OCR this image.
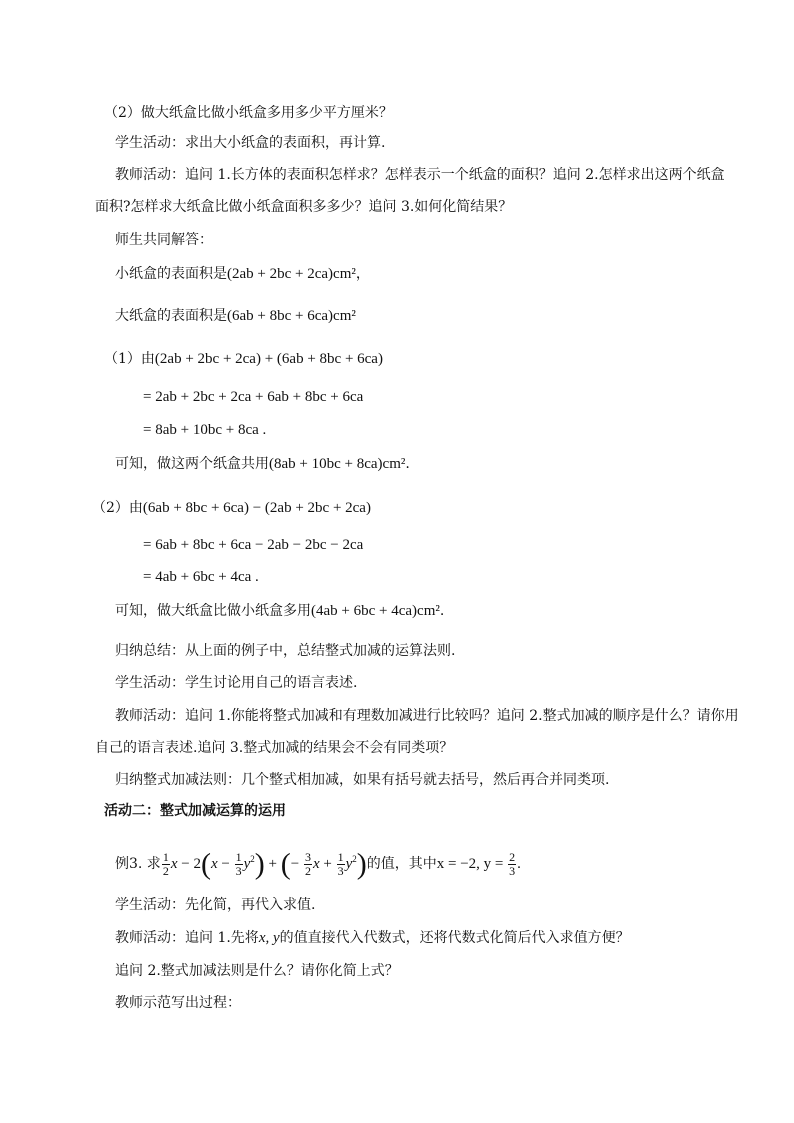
（2）做大纸盒比做小纸盒多用多少平方厘米？
学生活动：求出大小纸盒的表面积，再计算.
教师活动：追问 1.长方体的表面积怎样求？怎样表示一个纸盒的面积？追问 2.怎样求出这两个纸盒
面积?怎样求大纸盒比做小纸盒面积多多少？追问 3.如何化简结果？
师生共同解答：
小纸盒的表面积是(2ab + 2bc + 2ca)cm²，
大纸盒的表面积是(6ab + 8bc + 6ca)cm²
（1）由(2ab + 2bc + 2ca) + (6ab + 8bc + 6ca)
= 2ab + 2bc + 2ca + 6ab + 8bc + 6ca
= 8ab + 10bc + 8ca .
可知，做这两个纸盒共用(8ab + 10bc + 8ca)cm².
（2）由(6ab + 8bc + 6ca) − (2ab + 2bc + 2ca)
= 6ab + 8bc + 6ca − 2ab − 2bc − 2ca
= 4ab + 6bc + 4ca .
可知，做大纸盒比做小纸盒多用(4ab + 6bc + 4ca)cm².
归纳总结：从上面的例子中，总结整式加减的运算法则.
学生活动：学生讨论用自己的语言表述.
教师活动：追问 1.你能将整式加减和有理数加减进行比较吗？追问 2.整式加减的顺序是什么？请你用
自己的语言表述.追问 3.整式加减的结果会不会有同类项？
归纳整式加减法则：几个整式相加减，如果有括号就去括号，然后再合并同类项.
活动二：整式加减运算的运用
例3. 求 $\frac{1}{2}$ $x - 2(x - \frac{1}{3} y^2)$ + (− $\frac{3}{2}$ $x + \frac{1}{3} y^2$)的值，其中x = −2, $y = \frac{2}{3}$ .
学生活动：先化简，再代入求值.
教师活动：追问 1.先将x, y的值直接代入代数式，还将代数式化简后代入求值方便？
追问 2.整式加减法则是什么？请你化简上式？
教师示范写出过程：
